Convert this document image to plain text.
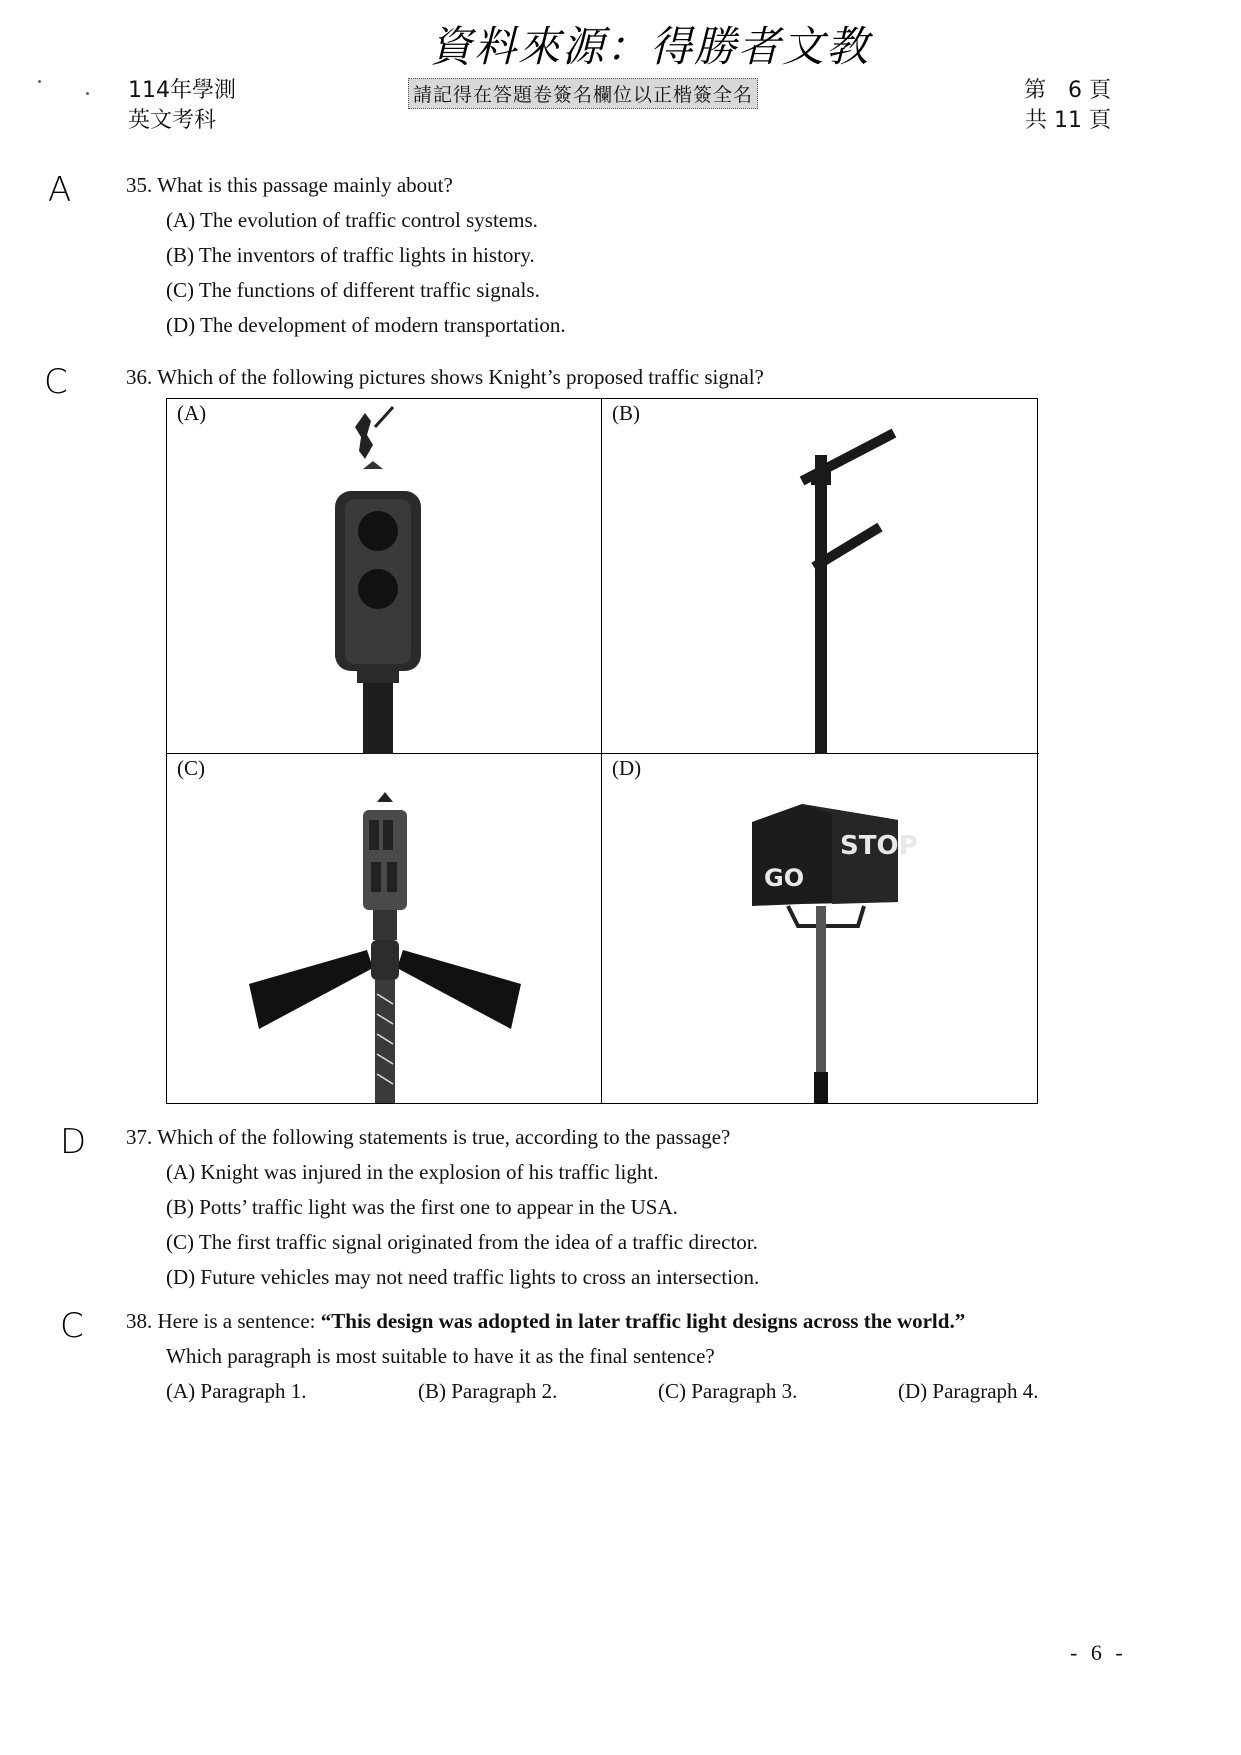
資料來源：得勝者文教
114年學測
英文考科
請記得在答題卷簽名欄位以正楷簽全名	第　6 頁
共 11 頁
A	35. What is this passage mainly about?
(A) The evolution of traffic control systems.
(B) The inventors of traffic lights in history.
(C) The functions of different traffic signals.
(D) The development of modern transportation.
C	36. Which of the following pictures shows Knight’s proposed traffic signal?
(A)	(B)
(C)	(D)
STOP
GO
D 37. Which of the following statements is true, according to the passage?
(A) Knight was injured in the explosion of his traffic light.
(B) Potts’ traffic light was the first one to appear in the USA.
(C) The first traffic signal originated from the idea of a traffic director.
(D) Future vehicles may not need traffic lights to cross an intersection.
C 38. Here is a sentence: “This design was adopted in later traffic light designs across the world.”
Which paragraph is most suitable to have it as the final sentence?
(A) Paragraph 1.	(B) Paragraph 2.	(C) Paragraph 3.	(D) Paragraph 4.
- 6 -
